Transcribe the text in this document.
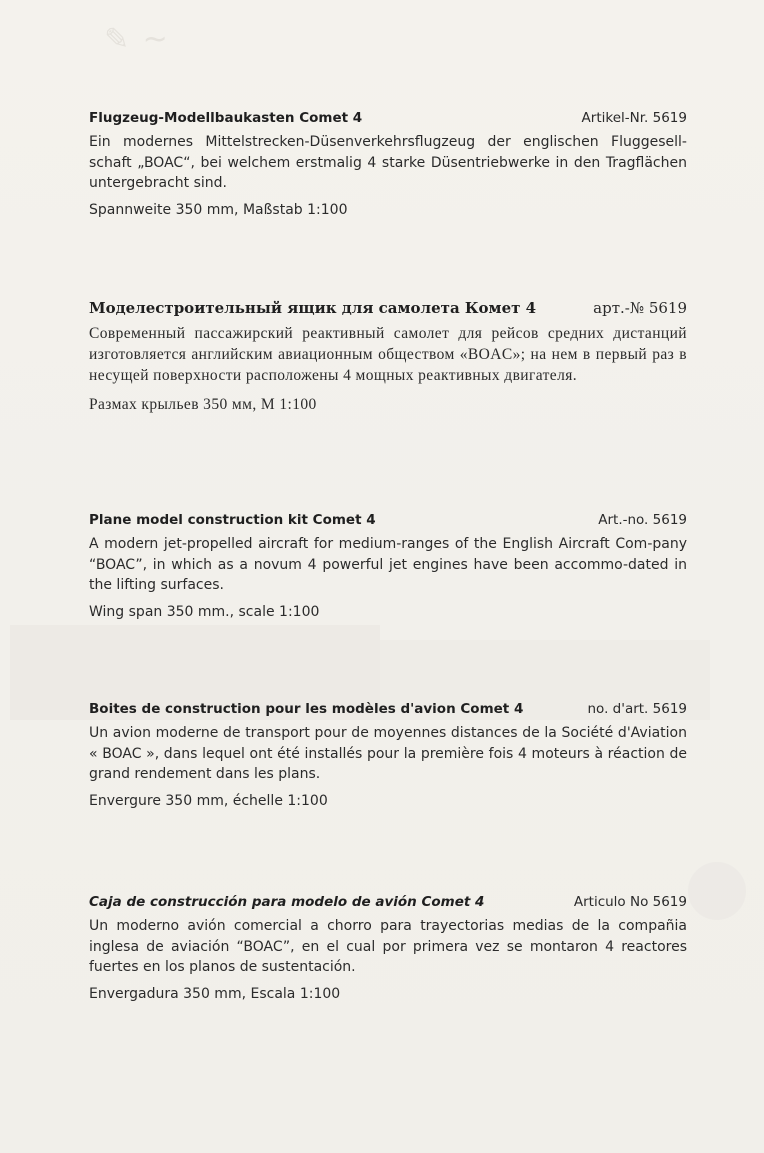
✎ ~
Flugzeug-Modellbaukasten Comet 4	Artikel-Nr. 5619
Ein modernes Mittelstrecken-Düsenverkehrsflugzeug der englischen Fluggesell-schaft „BOAC“, bei welchem erstmalig 4 starke Düsentriebwerke in den Tragflächen untergebracht sind.
Spannweite 350 mm, Maßstab 1:100
Моделестроительный ящик для самолета Комет 4	арт.-№ 5619
Современный пассажирский реактивный самолет для рейсов средних дистанций изготовляется английским авиационным обществом «BOAC»; на нем в первый раз в несущей поверхности расположены 4 мощных реактивных двигателя.
Размах крыльев 350 мм, М 1:100
Plane model construction kit Comet 4	Art.-no. 5619
A modern jet-propelled aircraft for medium-ranges of the English Aircraft Com-pany “BOAC”, in which as a novum 4 powerful jet engines have been accommo-dated in the lifting surfaces.
Wing span 350 mm., scale 1:100
Boites de construction pour les modèles d'avion Comet 4	no. d'art. 5619
Un avion moderne de transport pour de moyennes distances de la Société d'Aviation « BOAC », dans lequel ont été installés pour la première fois 4 moteurs à réaction de grand rendement dans les plans.
Envergure 350 mm, échelle 1:100
Caja de construcción para modelo de avión Comet 4	Articulo No 5619
Un moderno avión comercial a chorro para trayectorias medias de la compañia inglesa de aviación “BOAC”, en el cual por primera vez se montaron 4 reactores fuertes en los planos de sustentación.
Envergadura 350 mm, Escala 1:100
